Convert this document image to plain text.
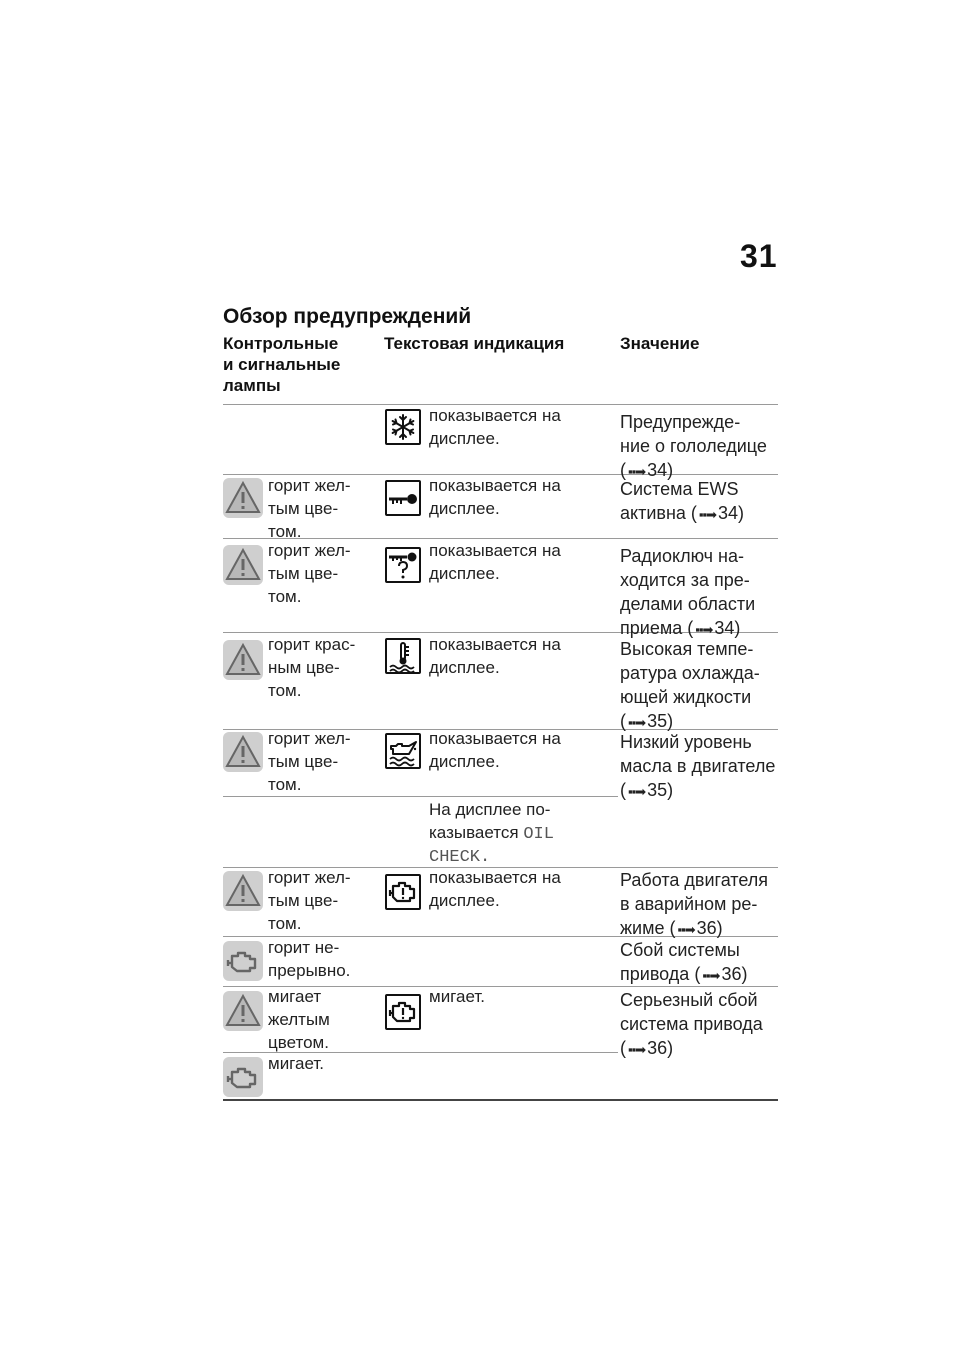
31
Обзор предупреждений
Контрольные
и сигнальные
лампы
Текстовая индикация	Значение
показывается на
дисплее.
Предупрежде-
ние о гололедице
( ▪▪➡ 34)
горит жел-
тым цве-
том.
показывается на
дисплее.
Система EWS
активна ( ▪▪➡ 34)
горит жел-
тым цве-
том.
показывается на
дисплее.
Радиоключ на-
ходится за пре-
делами области
приема ( ▪▪➡ 34)
горит крас-
ным цве-
том.
показывается на
дисплее.
Высокая темпе-
ратура охлажда-
ющей жидкости
( ▪▪➡ 35)
горит жел-
тым цве-
том.
показывается на
дисплее.
Низкий уровень
масла в двигателе
( ▪▪➡ 35)
На дисплее по-
казывается OIL
CHECK.
горит жел-
тым цве-
том.
показывается на
дисплее.
Работа двигателя
в аварийном ре-
жиме ( ▪▪➡ 36)
горит не-
прерывно.
Сбой системы
привода ( ▪▪➡ 36)
мигает
желтым
цветом.
мигает.	Серьезный сбой
система привода
( ▪▪➡ 36)
мигает.
